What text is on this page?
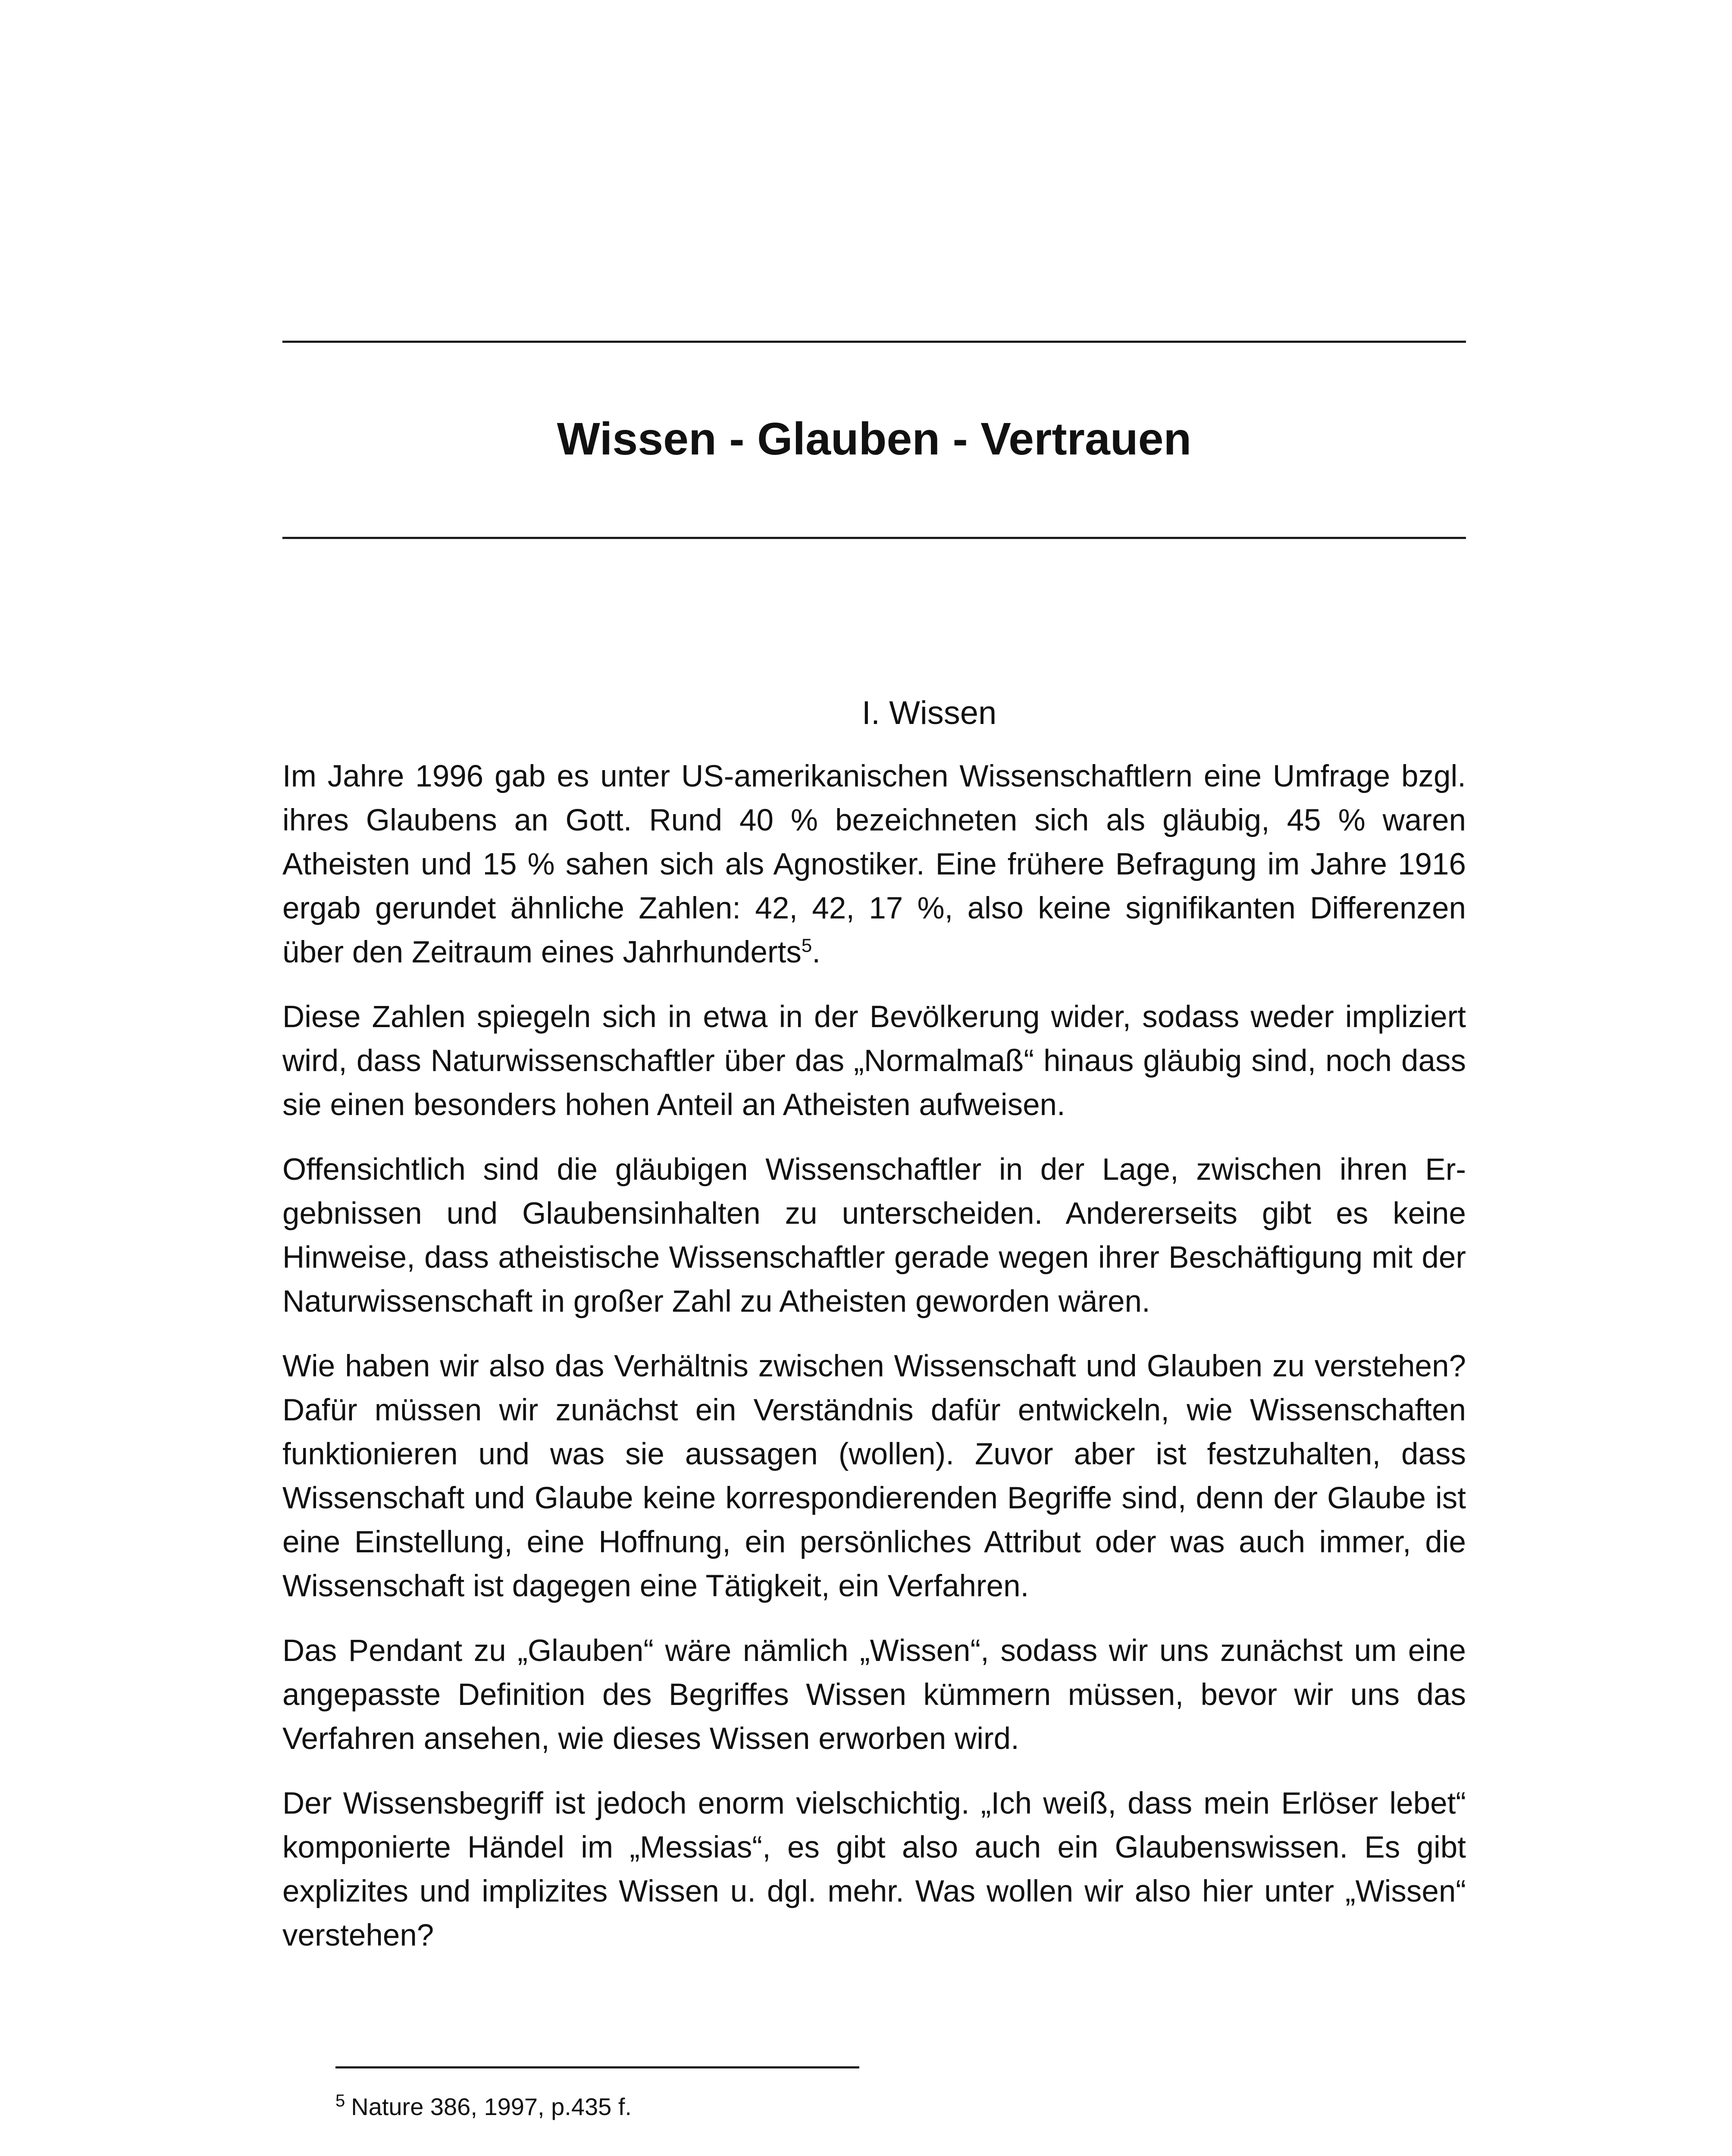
Wissen - Glauben - Vertrauen
I. Wissen

Im Jahre 1996 gab es unter US-amerikanischen Wissenschaftlern eine Umfrage bzgl. ihres Glaubens an Gott. Rund 40 % bezeichneten sich als gläubig, 45 % waren Atheisten und 15 % sahen sich als Agnostiker. Eine frühere Befragung im Jahre 1916 ergab gerundet ähnliche Zahlen: 42, 42, 17 %, also keine signifikanten Differenzen über den Zeitraum eines Jahrhunderts$^5$.

Diese Zahlen spiegeln sich in etwa in der Bevölkerung wider, sodass weder impliziert wird, dass Naturwissenschaftler über das „Normalmaß“ hinaus gläubig sind, noch dass sie einen besonders hohen Anteil an Atheisten aufweisen.

Offensichtlich sind die gläubigen Wissenschaftler in der Lage, zwischen ihren Ergebnissen und Glaubensinhalten zu unterscheiden. Andererseits gibt es keine Hinweise, dass atheistische Wissenschaftler gerade wegen ihrer Beschäftigung mit der Naturwissenschaft in großer Zahl zu Atheisten geworden wären.

Wie haben wir also das Verhältnis zwischen Wissenschaft und Glauben zu verstehen? Dafür müssen wir zunächst ein Verständnis dafür entwickeln, wie Wissenschaften funktionieren und was sie aussagen (wollen). Zuvor aber ist festzuhalten, dass Wissenschaft und Glaube keine korrespondierenden Begriffe sind, denn der Glaube ist eine Einstellung, eine Hoffnung, ein persönliches Attribut oder was auch immer, die Wissenschaft ist dagegen eine Tätigkeit, ein Verfahren.

Das Pendant zu „Glauben“ wäre nämlich „Wissen“, sodass wir uns zunächst um eine angepasste Definition des Begriffes Wissen kümmern müssen, bevor wir uns das Verfahren ansehen, wie dieses Wissen erworben wird.

Der Wissensbegriff ist jedoch enorm vielschichtig. „Ich weiß, dass mein Erlöser lebet“ komponierte Händel im „Messias“, es gibt also auch ein Glaubenswissen. Es gibt explizites und implizites Wissen u. dgl. mehr. Was wollen wir also hier unter „Wissen“ verstehen?

$^5$ Nature 386, 1997, p.435 f.
